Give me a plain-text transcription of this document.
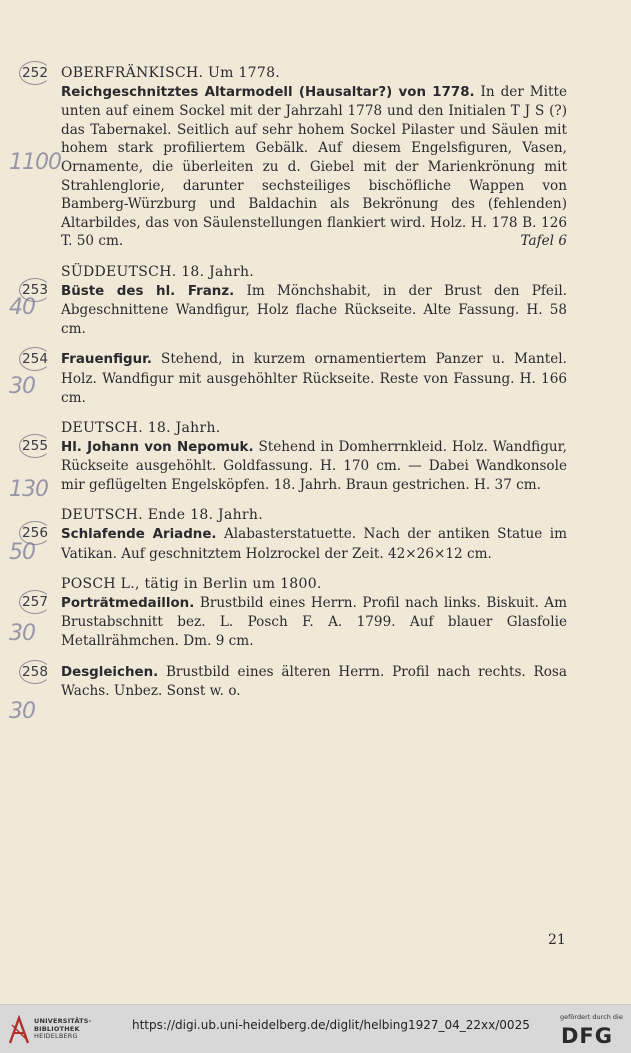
OBERFRÄNKISCH. Um 1778.
252
1100
Reichgeschnitztes Altarmodell (Hausaltar?) von 1778. In der Mitte unten auf einem Sockel mit der Jahrzahl 1778 und den Initialen T J S (?) das Tabernakel. Seitlich auf sehr hohem Sockel Pilaster und Säulen mit hohem stark profiliertem Gebälk. Auf diesem Engelsfiguren, Vasen, Ornamente, die überleiten zu d. Giebel mit der Marienkrönung mit Strahlenglorie, darunter sechsteiliges bischöfliche Wappen von Bamberg-Würzburg und Baldachin als Bekrönung des (fehlenden) Altarbildes, das von Säulenstellungen flankiert wird. Holz. H. 178 B. 126 T. 50 cm.	Tafel 6
SÜDDEUTSCH. 18. Jahrh.
253
40
Büste des hl. Franz. Im Mönchshabit, in der Brust den Pfeil. Abgeschnittene Wandfigur, Holz flache Rückseite. Alte Fassung. H. 58 cm.
254
30
Frauenfigur. Stehend, in kurzem ornamentiertem Panzer u. Mantel. Holz. Wandfigur mit ausgehöhlter Rückseite. Reste von Fassung. H. 166 cm.
DEUTSCH. 18. Jahrh.
255
130
Hl. Johann von Nepomuk. Stehend in Domherrnkleid. Holz. Wandfigur, Rückseite ausgehöhlt. Goldfassung. H. 170 cm. — Dabei Wandkonsole mir geflügelten Engelsköpfen. 18. Jahrh. Braun gestrichen. H. 37 cm.
DEUTSCH. Ende 18. Jahrh.
256
50
Schlafende Ariadne. Alabasterstatuette. Nach der antiken Statue im Vatikan. Auf geschnitztem Holzrockel der Zeit. 42×26×12 cm.
POSCH L., tätig in Berlin um 1800.
257
30
Porträtmedaillon. Brustbild eines Herrn. Profil nach links. Biskuit. Am Brustabschnitt bez. L. Posch F. A. 1799. Auf blauer Glasfolie Metallrähmchen. Dm. 9 cm.
258
30
Desgleichen. Brustbild eines älteren Herrn. Profil nach rechts. Rosa Wachs. Unbez. Sonst w. o.
21
UNIVERSITÄTS-
BIBLIOTHEK
HEIDELBERG
https://digi.ub.uni-heidelberg.de/diglit/helbing1927_04_22xx/0025
gefördert durch die
DFG
